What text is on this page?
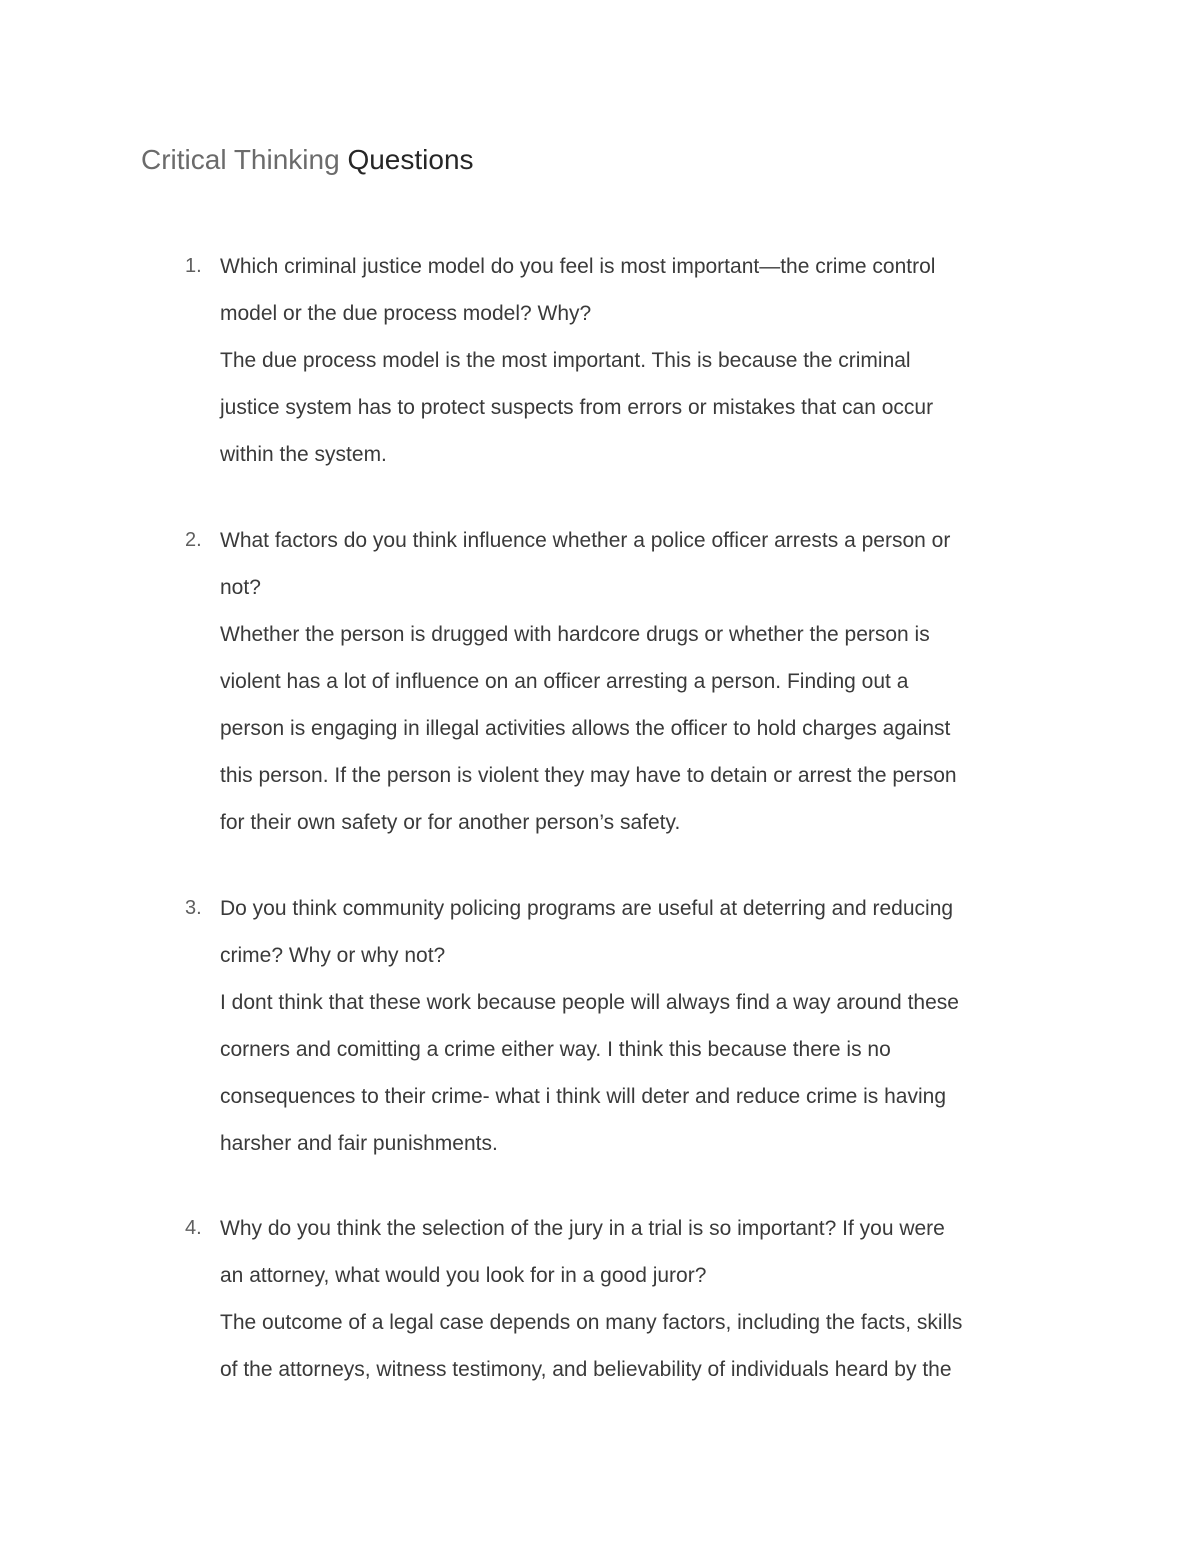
Critical Thinking Questions
1. Which criminal justice model do you feel is most important—the crime control
model or the due process model? Why?
The due process model is the most important. This is because the criminal
justice system has to protect suspects from errors or mistakes that can occur
within the system.
2. What factors do you think influence whether a police officer arrests a person or
not?
Whether the person is drugged with hardcore drugs or whether the person is
violent has a lot of influence on an officer arresting a person. Finding out a
person is engaging in illegal activities allows the officer to hold charges against
this person. If the person is violent they may have to detain or arrest the person
for their own safety or for another person’s safety.
3. Do you think community policing programs are useful at deterring and reducing
crime? Why or why not?
I dont think that these work because people will always find a way around these
corners and comitting a crime either way. I think this because there is no
consequences to their crime- what i think will deter and reduce crime is having
harsher and fair punishments.
4. Why do you think the selection of the jury in a trial is so important? If you were
an attorney, what would you look for in a good juror?
The outcome of a legal case depends on many factors, including the facts, skills
of the attorneys, witness testimony, and believability of individuals heard by the
